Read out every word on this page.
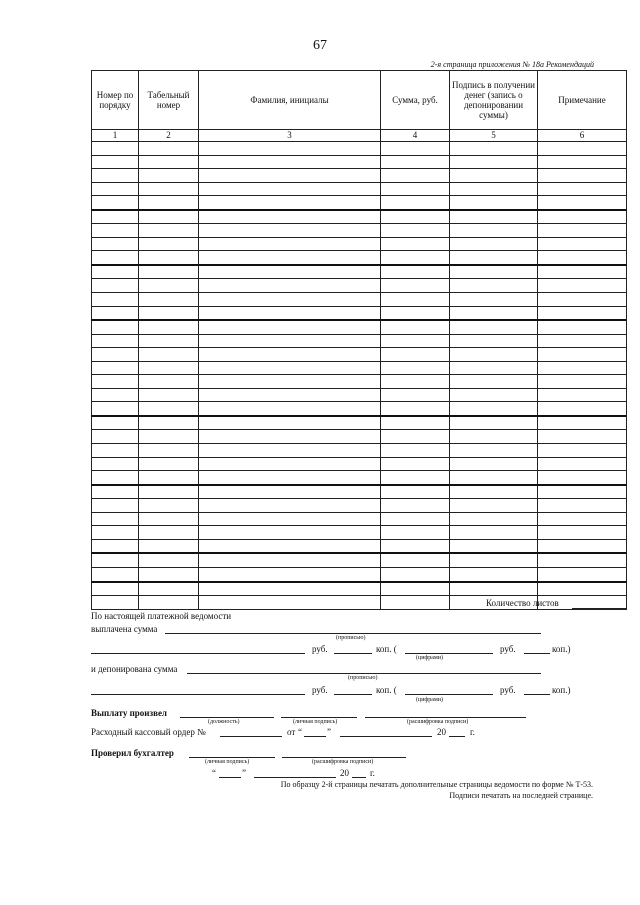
67
2-я страница приложения № 18а Рекомендаций
Номер по порядку	Табельный номер	Фамилия, инициалы	Сумма, руб.	Подпись в получении денег (запись о депонировании суммы)	Примечание
1	2	3	4	5	6

Количество листов
По настоящей платежной ведомости
выплачена сумма
(прописью)
руб.	коп. (	руб.	коп.)
(цифрами)
и депонирована сумма
(прописью)
руб.	коп. (	руб.	коп.)
(цифрами)
Выплату произвел
(должность)	(личная подпись)	(расшифровка подписи)
Расходный кассовый ордер №	от “	”	20	г.
Проверил бухгалтер
(личная подпись)	(расшифровка подписи)
“	”	20 г.
По образцу 2-й страницы печатать дополнительные страницы ведомости по форме № Т-53.
Подписи печатать на последней странице.
